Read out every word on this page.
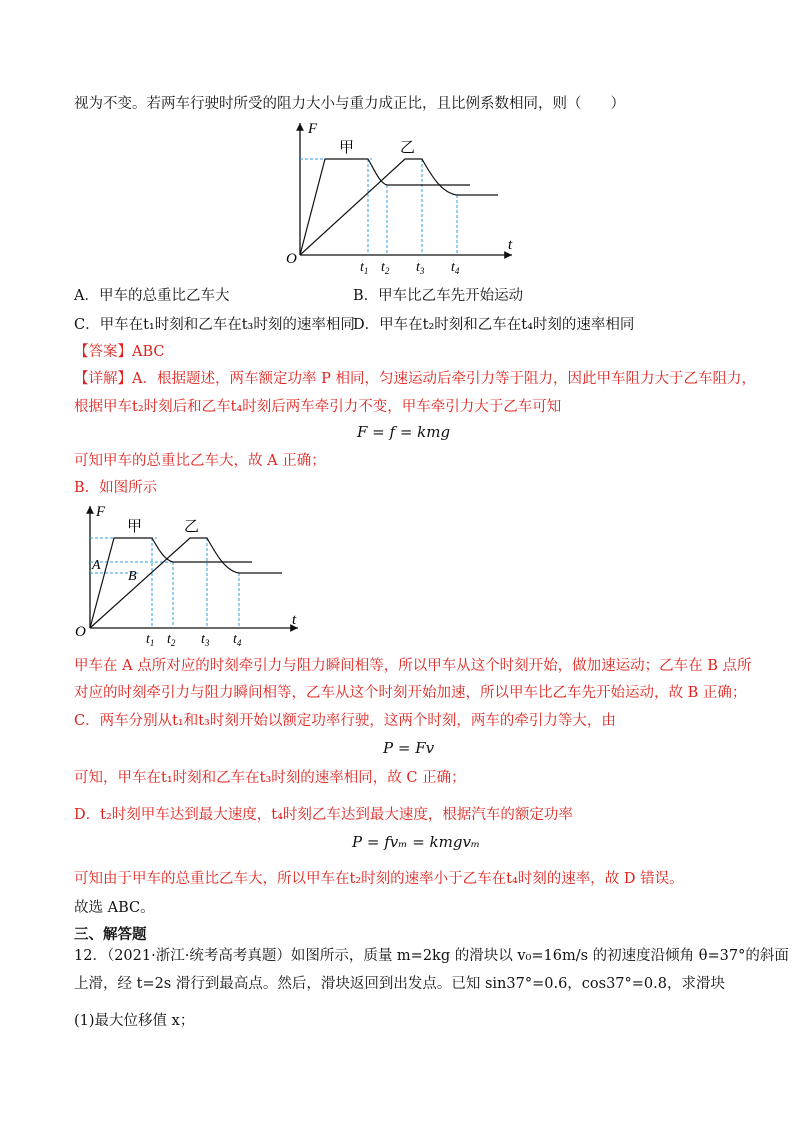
视为不变。若两车行驶时所受的阻力大小与重力成正比，且比例系数相同，则（　　）
F
t
O
甲	乙
$t_1$ $t_2$ $t_3$ $t_4$
A．甲车的总重比乙车大	B．甲车比乙车先开始运动
C．甲车在t₁时刻和乙车在t₃时刻的速率相同
D．甲车在t₂时刻和乙车在t₄时刻的速率相同
【答案】ABC
【详解】A．根据题述，两车额定功率 P 相同，匀速运动后牵引力等于阻力，因此甲车阻力大于乙车阻力，
根据甲车t₂时刻后和乙车t₄时刻后两车牵引力不变，甲车牵引力大于乙车可知
F = f = kmg
可知甲车的总重比乙车大，故 A 正确；
B．如图所示
F
t
O
甲	乙
A
B
$t_1$ $t_2$ $t_3$ $t_4$
甲车在 A 点所对应的时刻牵引力与阻力瞬间相等，所以甲车从这个时刻开始，做加速运动；乙车在 B 点所
对应的时刻牵引力与阻力瞬间相等，乙车从这个时刻开始加速，所以甲车比乙车先开始运动，故 B 正确；
C．两车分别从t₁和t₃时刻开始以额定功率行驶，这两个时刻，两车的牵引力等大，由
P = Fv
可知，甲车在t₁时刻和乙车在t₃时刻的速率相同，故 C 正确；
D．t₂时刻甲车达到最大速度，t₄时刻乙车达到最大速度，根据汽车的额定功率
P = fvₘ = kmgvₘ
可知由于甲车的总重比乙车大，所以甲车在t₂时刻的速率小于乙车在t₄时刻的速率，故 D 错误。
故选 ABC。
三、解答题
12．（2021·浙江·统考高考真题）如图所示，质量 m=2kg 的滑块以 v₀=16m/s 的初速度沿倾角 θ=37°的斜面
上滑，经 t=2s 滑行到最高点。然后，滑块返回到出发点。已知 sin37°=0.6，cos37°=0.8，求滑块
(1)最大位移值 x；
